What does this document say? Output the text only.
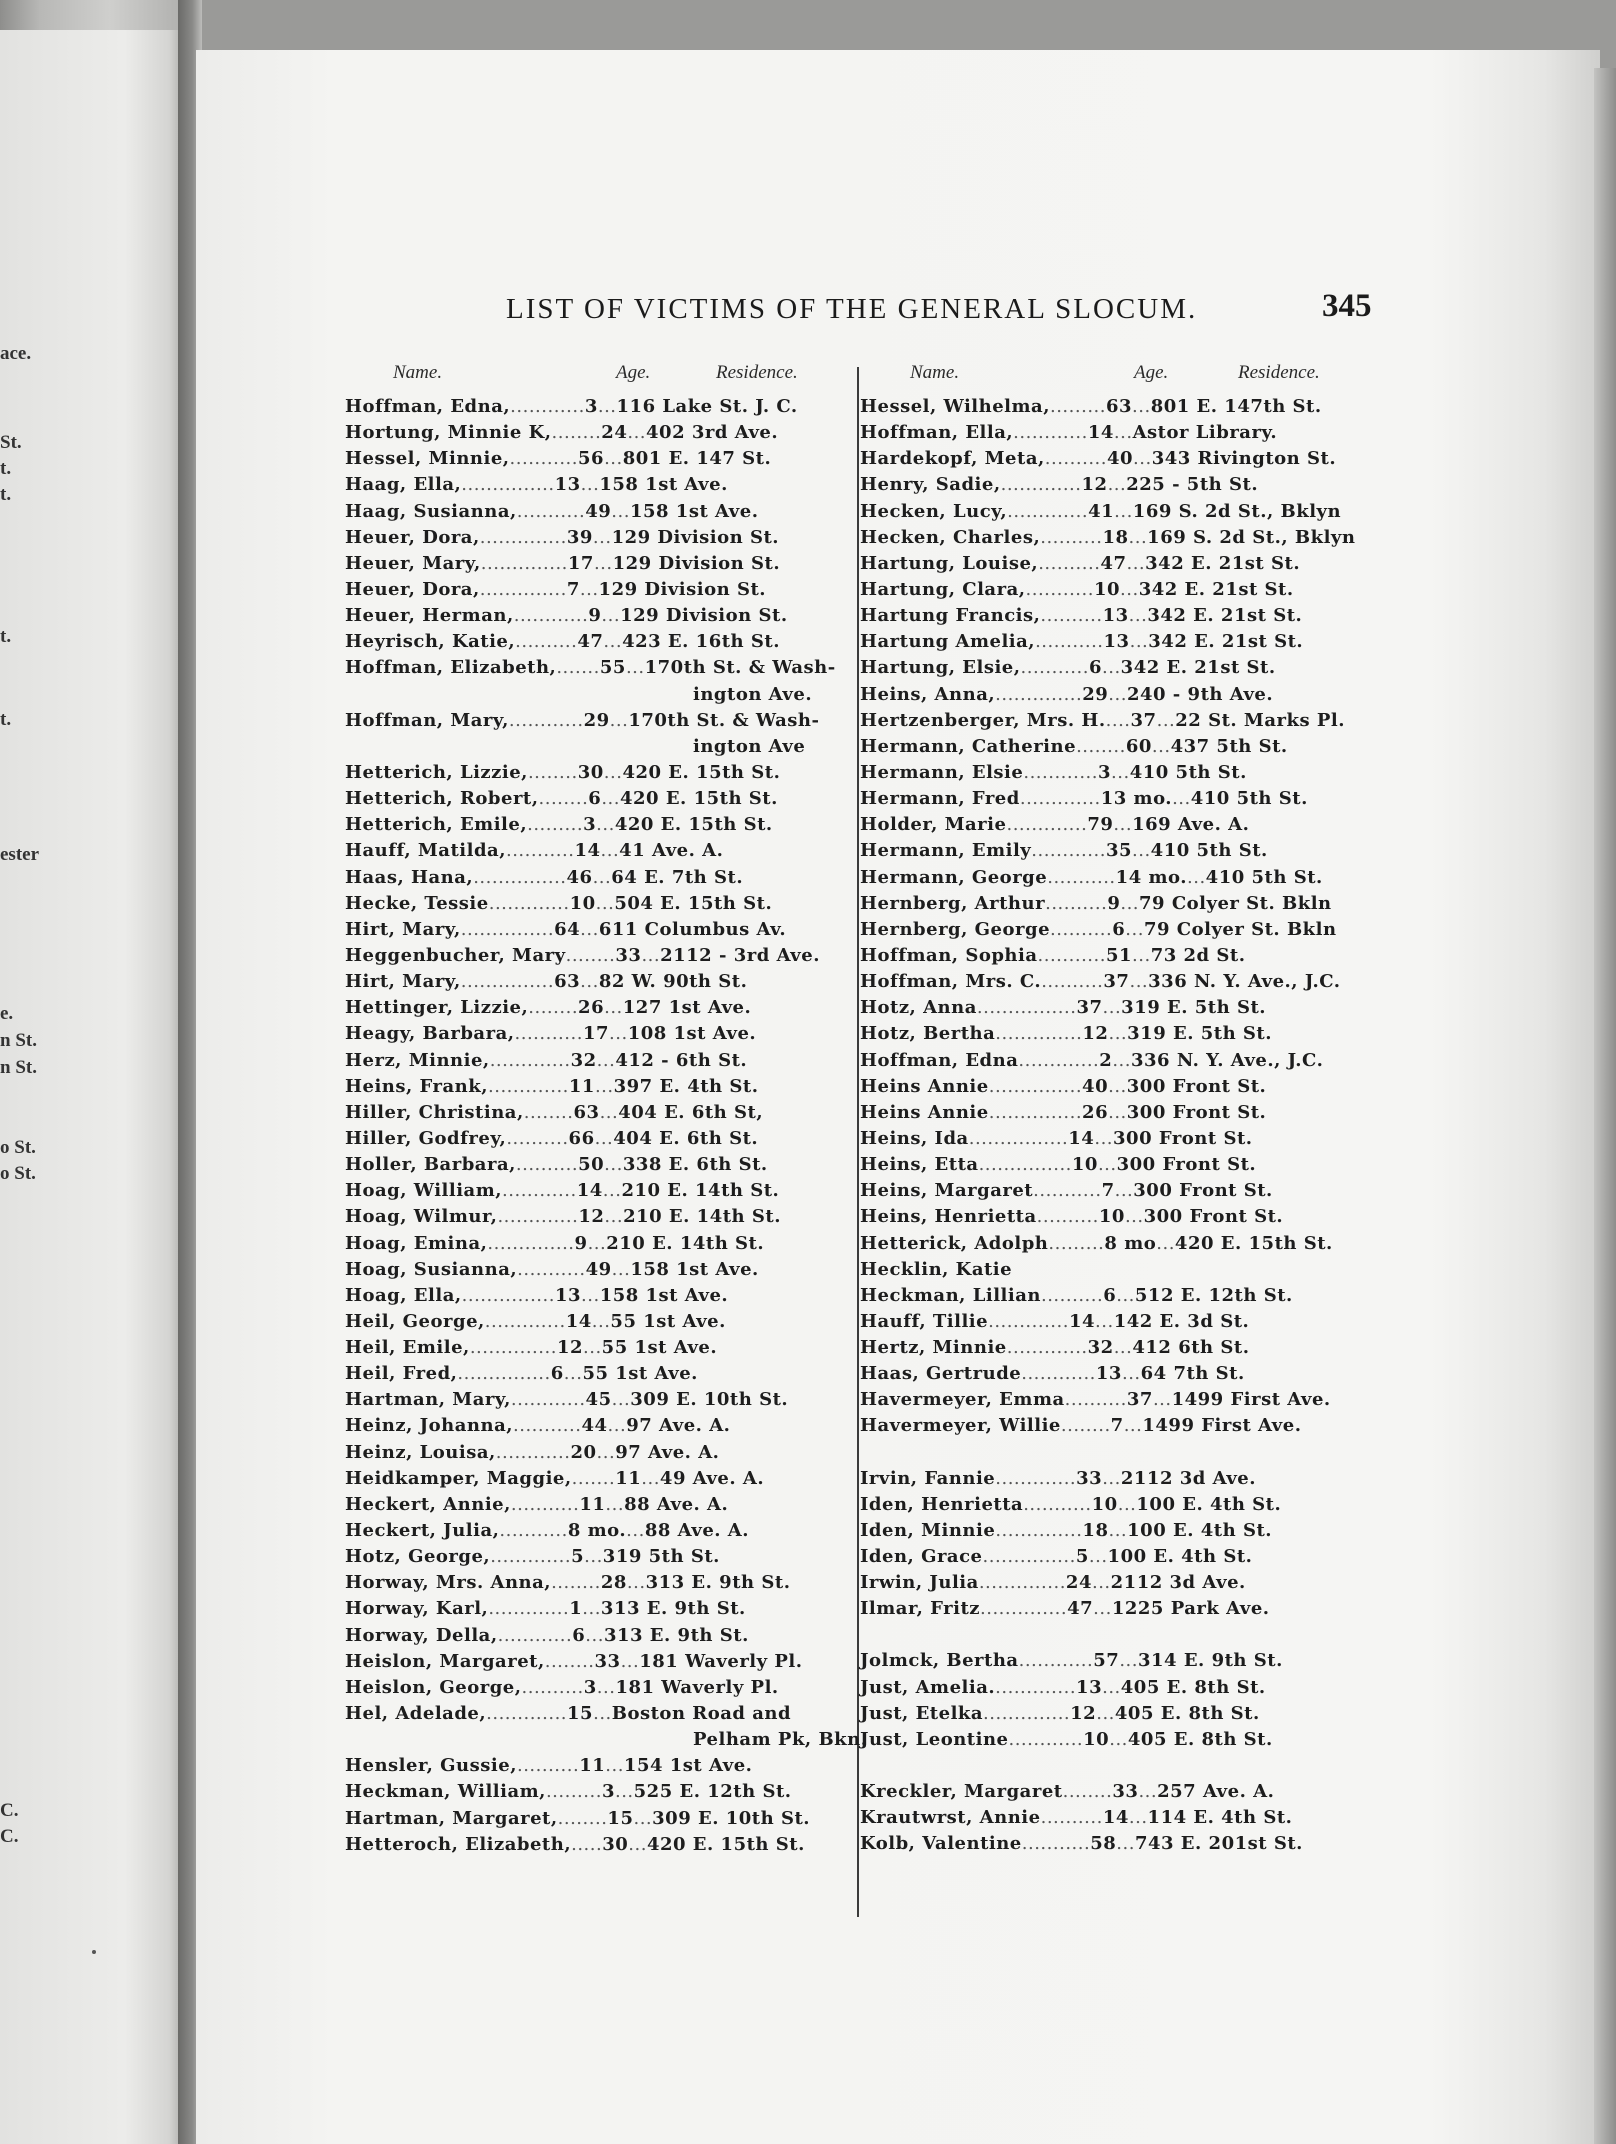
ace.
St.
t.
t.
t.
t.
ester
e.
n St.
n St.
o St.
o St.
C.
C.
LIST OF VICTIMS OF THE GENERAL SLOCUM.	345
Name.	Age.	Residence.	Name.	Age.	Residence.
Hoffman, Edna,............3...116 Lake St. J. C.
Hortung, Minnie K,........24...402 3rd Ave.
Hessel, Minnie,...........56...801 E. 147 St.
Haag, Ella,...............13...158 1st Ave.
Haag, Susianna,...........49...158 1st Ave.
Heuer, Dora,..............39...129 Division St.
Heuer, Mary,..............17...129 Division St.
Heuer, Dora,..............7...129 Division St.
Heuer, Herman,............9...129 Division St.
Heyrisch, Katie,..........47...423 E. 16th St.
Hoffman, Elizabeth,.......55...170th St. & Wash-
ington Ave.
Hoffman, Mary,............29...170th St. & Wash-
ington Ave
Hetterich, Lizzie,........30...420 E. 15th St.
Hetterich, Robert,........6...420 E. 15th St.
Hetterich, Emile,.........3...420 E. 15th St.
Hauff, Matilda,...........14...41 Ave. A.
Haas, Hana,...............46...64 E. 7th St.
Hecke, Tessie.............10...504 E. 15th St.
Hirt, Mary,...............64...611 Columbus Av.
Heggenbucher, Mary........33...2112 - 3rd Ave.
Hirt, Mary,...............63...82 W. 90th St.
Hettinger, Lizzie,........26...127 1st Ave.
Heagy, Barbara,...........17...108 1st Ave.
Herz, Minnie,.............32...412 - 6th St.
Heins, Frank,.............11...397 E. 4th St.
Hiller, Christina,........63...404 E. 6th St,
Hiller, Godfrey,..........66...404 E. 6th St.
Holler, Barbara,..........50...338 E. 6th St.
Hoag, William,............14...210 E. 14th St.
Hoag, Wilmur,.............12...210 E. 14th St.
Hoag, Emina,..............9...210 E. 14th St.
Hoag, Susianna,...........49...158 1st Ave.
Hoag, Ella,...............13...158 1st Ave.
Heil, George,.............14...55 1st Ave.
Heil, Emile,..............12...55 1st Ave.
Heil, Fred,...............6...55 1st Ave.
Hartman, Mary,............45...309 E. 10th St.
Heinz, Johanna,...........44...97 Ave. A.
Heinz, Louisa,............20...97 Ave. A.
Heidkamper, Maggie,.......11...49 Ave. A.
Heckert, Annie,...........11...88 Ave. A.
Heckert, Julia,...........8 mo....88 Ave. A.
Hotz, George,.............5...319 5th St.
Horway, Mrs. Anna,........28...313 E. 9th St.
Horway, Karl,.............1...313 E. 9th St.
Horway, Della,............6...313 E. 9th St.
Heislon, Margaret,........33...181 Waverly Pl.
Heislon, George,..........3...181 Waverly Pl.
Hel, Adelade,.............15...Boston Road and
Pelham Pk, Bkn.
Hensler, Gussie,..........11...154 1st Ave.
Heckman, William,.........3...525 E. 12th St.
Hartman, Margaret,........15...309 E. 10th St.
Hetteroch, Elizabeth,.....30...420 E. 15th St.
Hessel, Wilhelma,.........63...801 E. 147th St.
Hoffman, Ella,............14...Astor Library.
Hardekopf, Meta,..........40...343 Rivington St.
Henry, Sadie,.............12...225 - 5th St.
Hecken, Lucy,.............41...169 S. 2d St., Bklyn
Hecken, Charles,..........18...169 S. 2d St., Bklyn
Hartung, Louise,..........47...342 E. 21st St.
Hartung, Clara,...........10...342 E. 21st St.
Hartung Francis,..........13...342 E. 21st St.
Hartung Amelia,...........13...342 E. 21st St.
Hartung, Elsie,...........6...342 E. 21st St.
Heins, Anna,..............29...240 - 9th Ave.
Hertzenberger, Mrs. H.....37...22 St. Marks Pl.
Hermann, Catherine........60...437 5th St.
Hermann, Elsie............3...410 5th St.
Hermann, Fred.............13 mo....410 5th St.
Holder, Marie.............79...169 Ave. A.
Hermann, Emily............35...410 5th St.
Hermann, George...........14 mo....410 5th St.
Hernberg, Arthur..........9...79 Colyer St. Bkln
Hernberg, George..........6...79 Colyer St. Bkln
Hoffman, Sophia...........51...73 2d St.
Hoffman, Mrs. C...........37...336 N. Y. Ave., J.C.
Hotz, Anna................37...319 E. 5th St.
Hotz, Bertha..............12...319 E. 5th St.
Hoffman, Edna.............2...336 N. Y. Ave., J.C.
Heins Annie...............40...300 Front St.
Heins Annie...............26...300 Front St.
Heins, Ida................14...300 Front St.
Heins, Etta...............10...300 Front St.
Heins, Margaret...........7...300 Front St.
Heins, Henrietta..........10...300 Front St.
Hetterick, Adolph.........8 mo...420 E. 15th St.
Hecklin, Katie
Heckman, Lillian..........6...512 E. 12th St.
Hauff, Tillie.............14...142 E. 3d St.
Hertz, Minnie.............32...412 6th St.
Haas, Gertrude............13...64 7th St.
Havermeyer, Emma..........37...1499 First Ave.
Havermeyer, Willie........7...1499 First Ave.
Irvin, Fannie.............33...2112 3d Ave.
Iden, Henrietta...........10...100 E. 4th St.
Iden, Minnie..............18...100 E. 4th St.
Iden, Grace...............5...100 E. 4th St.
Irwin, Julia..............24...2112 3d Ave.
Ilmar, Fritz..............47...1225 Park Ave.
Jolmck, Bertha............57...314 E. 9th St.
Just, Amelia..............13...405 E. 8th St.
Just, Etelka..............12...405 E. 8th St.
Just, Leontine............10...405 E. 8th St.
Kreckler, Margaret........33...257 Ave. A.
Krautwrst, Annie..........14...114 E. 4th St.
Kolb, Valentine...........58...743 E. 201st St.
